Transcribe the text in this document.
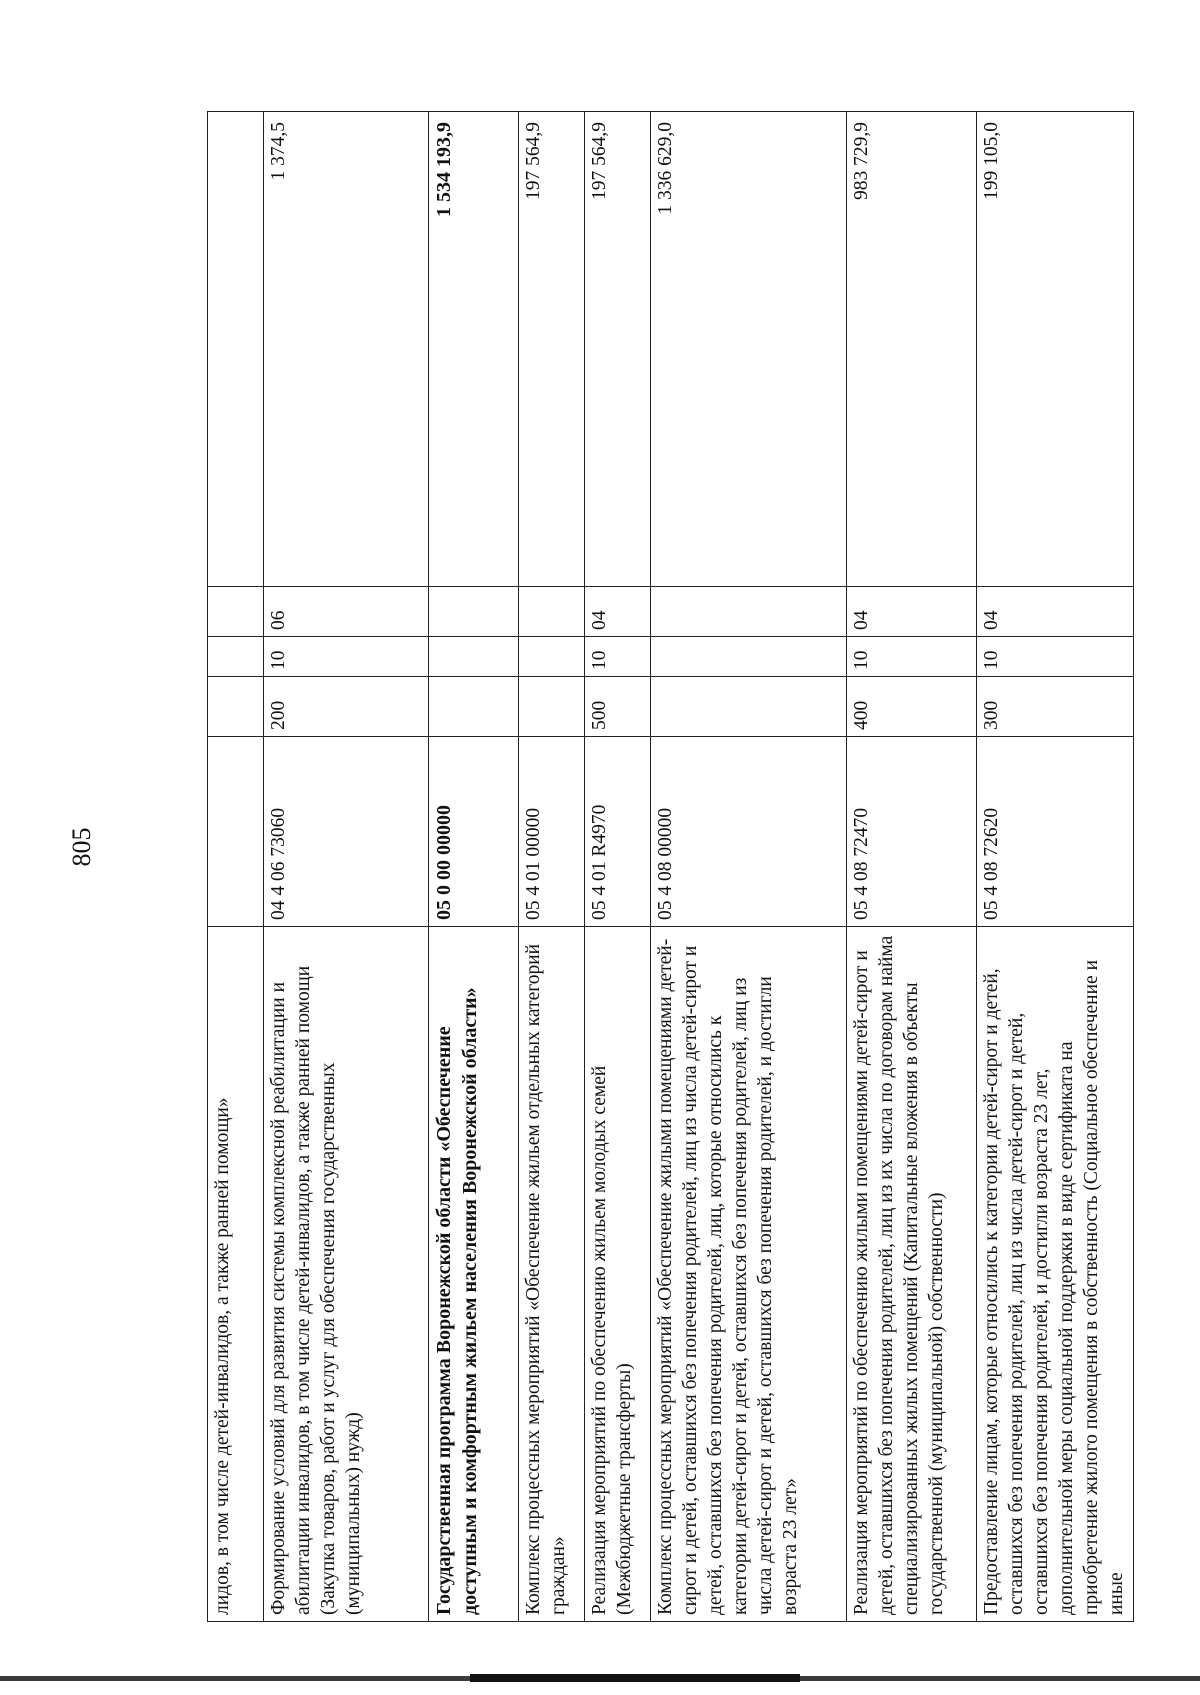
805
лидов, в том числе детей-инвалидов, а также ранней помощи»					
Формирование условий для развития системы комплексной реабилитации и абилитации инвалидов, в том числе детей-инвалидов, а также ранней помощи (Закупка товаров, работ и услуг для обеспечения государственных (муниципальных) нужд)	04 4 06 73060	200	10	06	1 374,5
Государственная программа Воронежской области «Обеспечение доступным и комфортным жильем населения Воронежской области»	05 0 00 00000				1 534 193,9
Комплекс процессных мероприятий «Обеспечение жильем отдельных категорий граждан»	05 4 01 00000				197 564,9
Реализация мероприятий по обеспечению жильем молодых семей (Межбюджетные трансферты)	05 4 01 R4970	500	10	04	197 564,9
Комплекс процессных мероприятий «Обеспечение жилыми помещениями детей-сирот и детей, оставшихся без попечения родителей, лиц из числа детей-сирот и детей, оставшихся без попечения родителей, лиц, которые относились к категории детей-сирот и детей, оставшихся без попечения родителей, лиц из числа детей-сирот и детей, оставшихся без попечения родителей, и достигли возраста 23 лет»	05 4 08 00000				1 336 629,0
Реализация мероприятий по обеспечению жилыми помещениями детей-сирот и детей, оставшихся без попечения родителей, лиц из их числа по договорам найма специализированных жилых помещений (Капитальные вложения в объекты государственной (муниципальной) собственности)	05 4 08 72470	400	10	04	983 729,9
Предоставление лицам, которые относились к категории детей-сирот и детей, оставшихся без попечения родителей, лиц из числа детей-сирот и детей, оставшихся без попечения родителей, и достигли возраста 23 лет, дополнительной меры социальной поддержки в виде сертификата на приобретение жилого помещения в собственность (Социальное обеспечение и иные	05 4 08 72620	300	10	04	199 105,0
